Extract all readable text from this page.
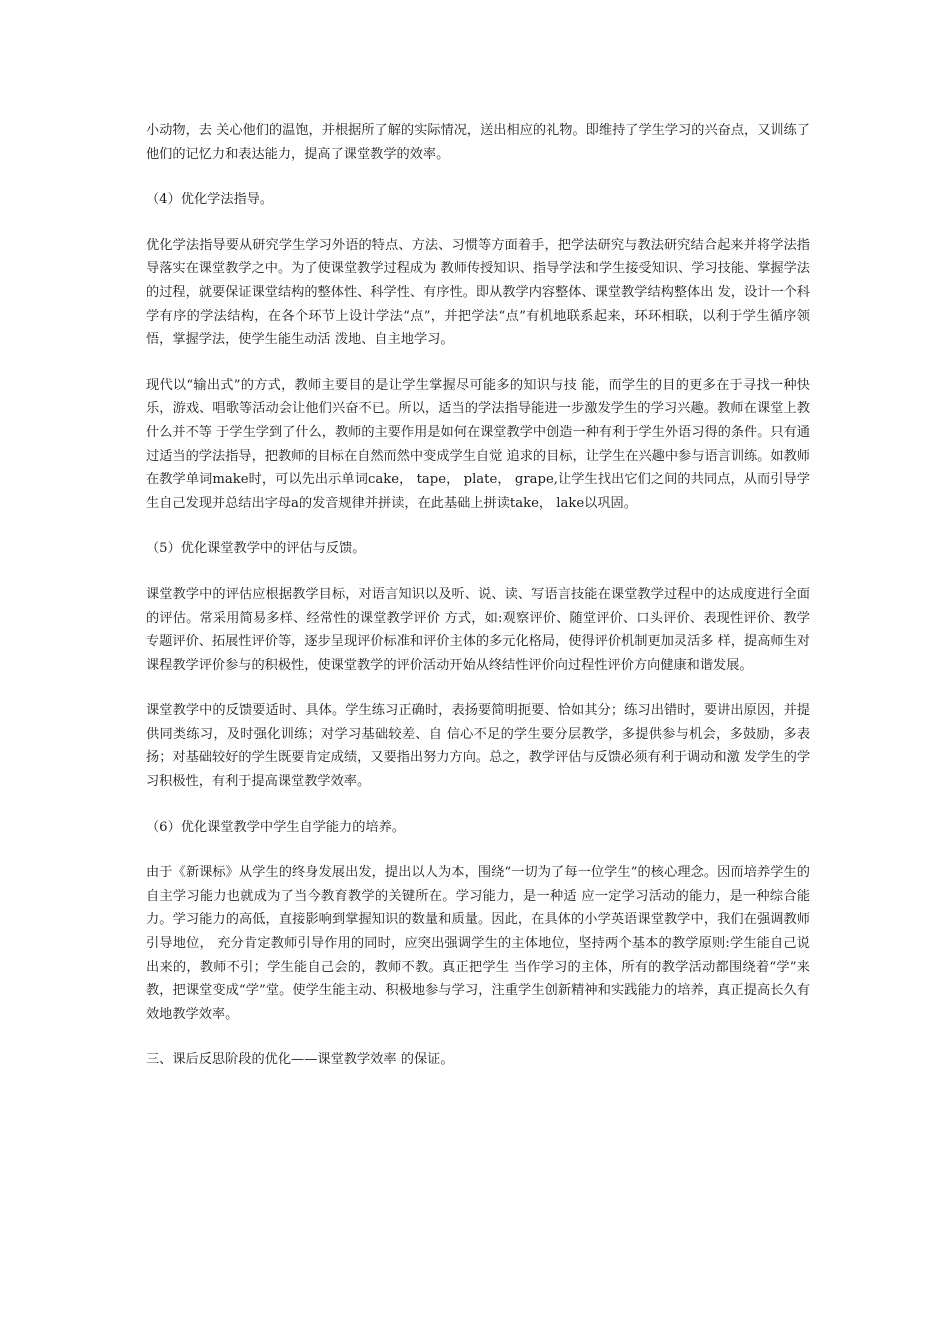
小动物，去 关心他们的温饱，并根据所了解的实际情况，送出相应的礼物。即维持了学生学习的兴奋点，又训练了他们的记忆力和表达能力，提高了课堂教学的效率。

（4）优化学法指导。

优化学法指导要从研究学生学习外语的特点、方法、习惯等方面着手，把学法研究与教法研究结合起来并将学法指导落实在课堂教学之中。为了使课堂教学过程成为 教师传授知识、指导学法和学生接受知识、学习技能、掌握学法的过程，就要保证课堂结构的整体性、科学性、有序性。即从教学内容整体、课堂教学结构整体出 发，设计一个科学有序的学法结构，在各个环节上设计学法“点”，并把学法“点”有机地联系起来，环环相联，以利于学生循序领悟，掌握学法，使学生能生动活 泼地、自主地学习。

现代以“输出式”的方式，教师主要目的是让学生掌握尽可能多的知识与技 能，而学生的目的更多在于寻找一种快乐，游戏、唱歌等活动会让他们兴奋不已。所以，适当的学法指导能进一步激发学生的学习兴趣。教师在课堂上教什么并不等 于学生学到了什么，教师的主要作用是如何在课堂教学中创造一种有利于学生外语习得的条件。只有通过适当的学法指导，把教师的目标在自然而然中变成学生自觉 追求的目标，让学生在兴趣中参与语言训练。如教师在教学单词make时，可以先出示单词cake， tape， plate， grape,让学生找出它们之间的共同点，从而引导学生自己发现并总结出字母a的发音规律并拼读，在此基础上拼读take， lake以巩固。

（5）优化课堂教学中的评估与反馈。

课堂教学中的评估应根据教学目标，对语言知识以及听、说、读、写语言技能在课堂教学过程中的达成度进行全面的评估。常采用简易多样、经常性的课堂教学评价 方式，如:观察评价、随堂评价、口头评价、表现性评价、教学专题评价、拓展性评价等，逐步呈现评价标准和评价主体的多元化格局，使得评价机制更加灵活多 样，提高师生对课程教学评价参与的积极性，使课堂教学的评价活动开始从终结性评价向过程性评价方向健康和谐发展。

课堂教学中的反馈要适时、具体。学生练习正确时，表扬要简明扼要、恰如其分；练习出错时，要讲出原因，并提供同类练习，及时强化训练；对学习基础较差、自 信心不足的学生要分层教学，多提供参与机会，多鼓励，多表扬；对基础较好的学生既要肯定成绩，又要指出努力方向。总之，教学评估与反馈必须有利于调动和激 发学生的学习积极性，有利于提高课堂教学效率。

（6）优化课堂教学中学生自学能力的培养。

由于《新课标》从学生的终身发展出发，提出以人为本，围绕“一切为了每一位学生”的核心理念。因而培养学生的自主学习能力也就成为了当今教育教学的关键所在。学习能力，是一种适 应一定学习活动的能力，是一种综合能力。学习能力的高低，直接影响到掌握知识的数量和质量。因此，在具体的小学英语课堂教学中，我们在强调教师引导地位， 充分肯定教师引导作用的同时，应突出强调学生的主体地位，坚持两个基本的教学原则:学生能自己说出来的，教师不引；学生能自己会的，教师不教。真正把学生 当作学习的主体，所有的教学活动都围绕着“学”来教，把课堂变成“学”堂。使学生能主动、积极地参与学习，注重学生创新精神和实践能力的培养，真正提高长久有效地教学效率。

三、课后反思阶段的优化——课堂教学效率 的保证。
